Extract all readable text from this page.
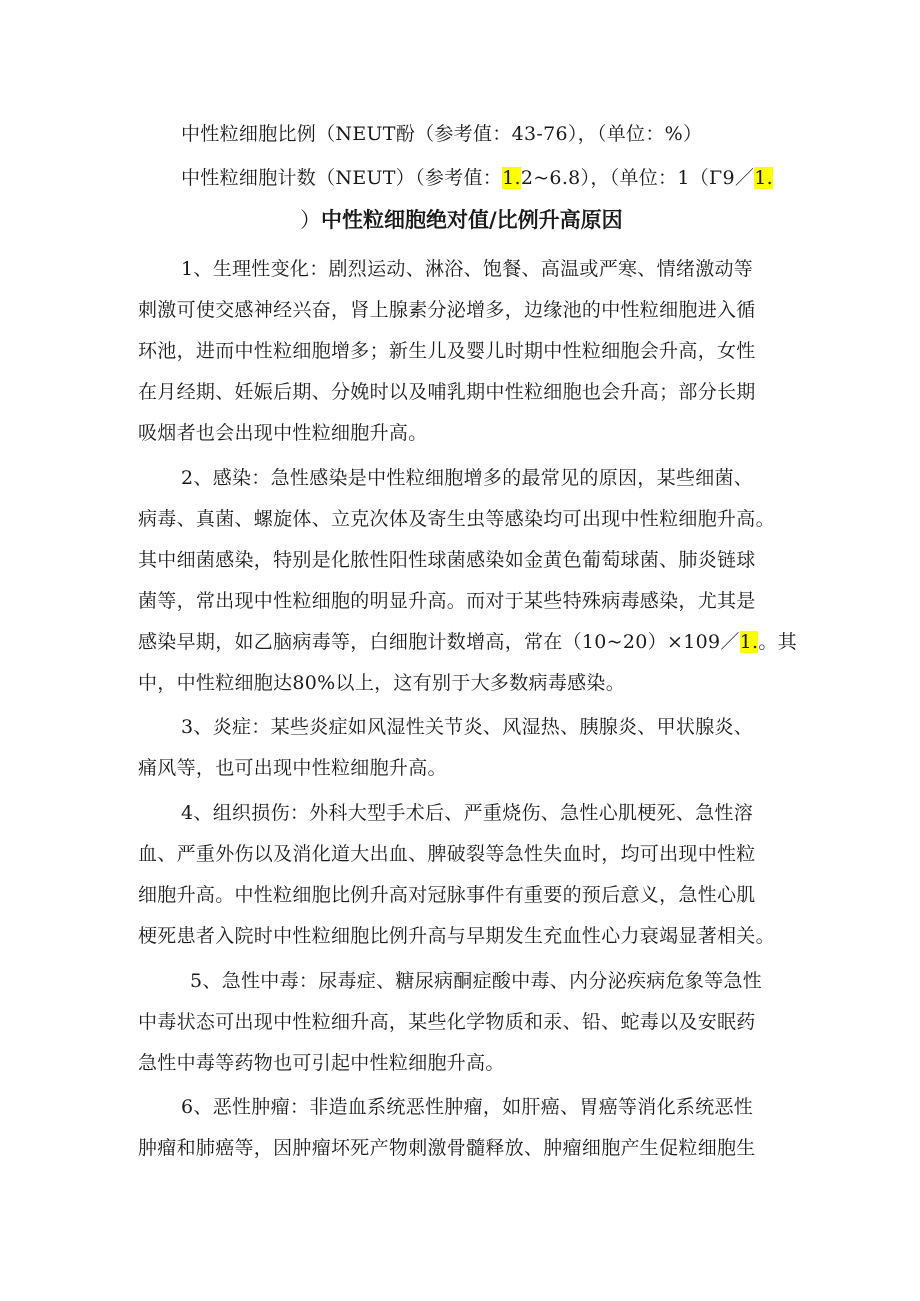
中性粒细胞比例（NEUT酚（参考值：43-76），（单位：%）
中性粒细胞计数（NEUT）（参考值：1.2~6.8），（单位：1（Γ9／1.
）中性粒细胞绝对值/比例升高原因
1、生理性变化：剧烈运动、淋浴、饱餐、高温或严寒、情绪激动等
刺激可使交感神经兴奋，肾上腺素分泌增多，边缘池的中性粒细胞进入循
环池，进而中性粒细胞增多；新生儿及婴儿时期中性粒细胞会升高，女性
在月经期、妊娠后期、分娩时以及哺乳期中性粒细胞也会升高；部分长期
吸烟者也会出现中性粒细胞升高。
2、感染：急性感染是中性粒细胞增多的最常见的原因，某些细菌、
病毒、真菌、螺旋体、立克次体及寄生虫等感染均可出现中性粒细胞升高。
其中细菌感染，特别是化脓性阳性球菌感染如金黄色葡萄球菌、肺炎链球
菌等，常出现中性粒细胞的明显升高。而对于某些特殊病毒感染，尤其是
感染早期，如乙脑病毒等，白细胞计数增高，常在（10~20）×109／1.。其
中，中性粒细胞达80%以上，这有别于大多数病毒感染。
3、炎症：某些炎症如风湿性关节炎、风湿热、胰腺炎、甲状腺炎、
痛风等，也可出现中性粒细胞升高。
4、组织损伤：外科大型手术后、严重烧伤、急性心肌梗死、急性溶
血、严重外伤以及消化道大出血、脾破裂等急性失血时，均可出现中性粒
细胞升高。中性粒细胞比例升高对冠脉事件有重要的预后意义，急性心肌
梗死患者入院时中性粒细胞比例升高与早期发生充血性心力衰竭显著相关。
5、急性中毒：尿毒症、糖尿病酮症酸中毒、内分泌疾病危象等急性
中毒状态可出现中性粒细升高，某些化学物质和汞、铅、蛇毒以及安眠药
急性中毒等药物也可引起中性粒细胞升高。
6、恶性肿瘤：非造血系统恶性肿瘤，如肝癌、胃癌等消化系统恶性
肿瘤和肺癌等，因肿瘤坏死产物刺激骨髓释放、肿瘤细胞产生促粒细胞生
